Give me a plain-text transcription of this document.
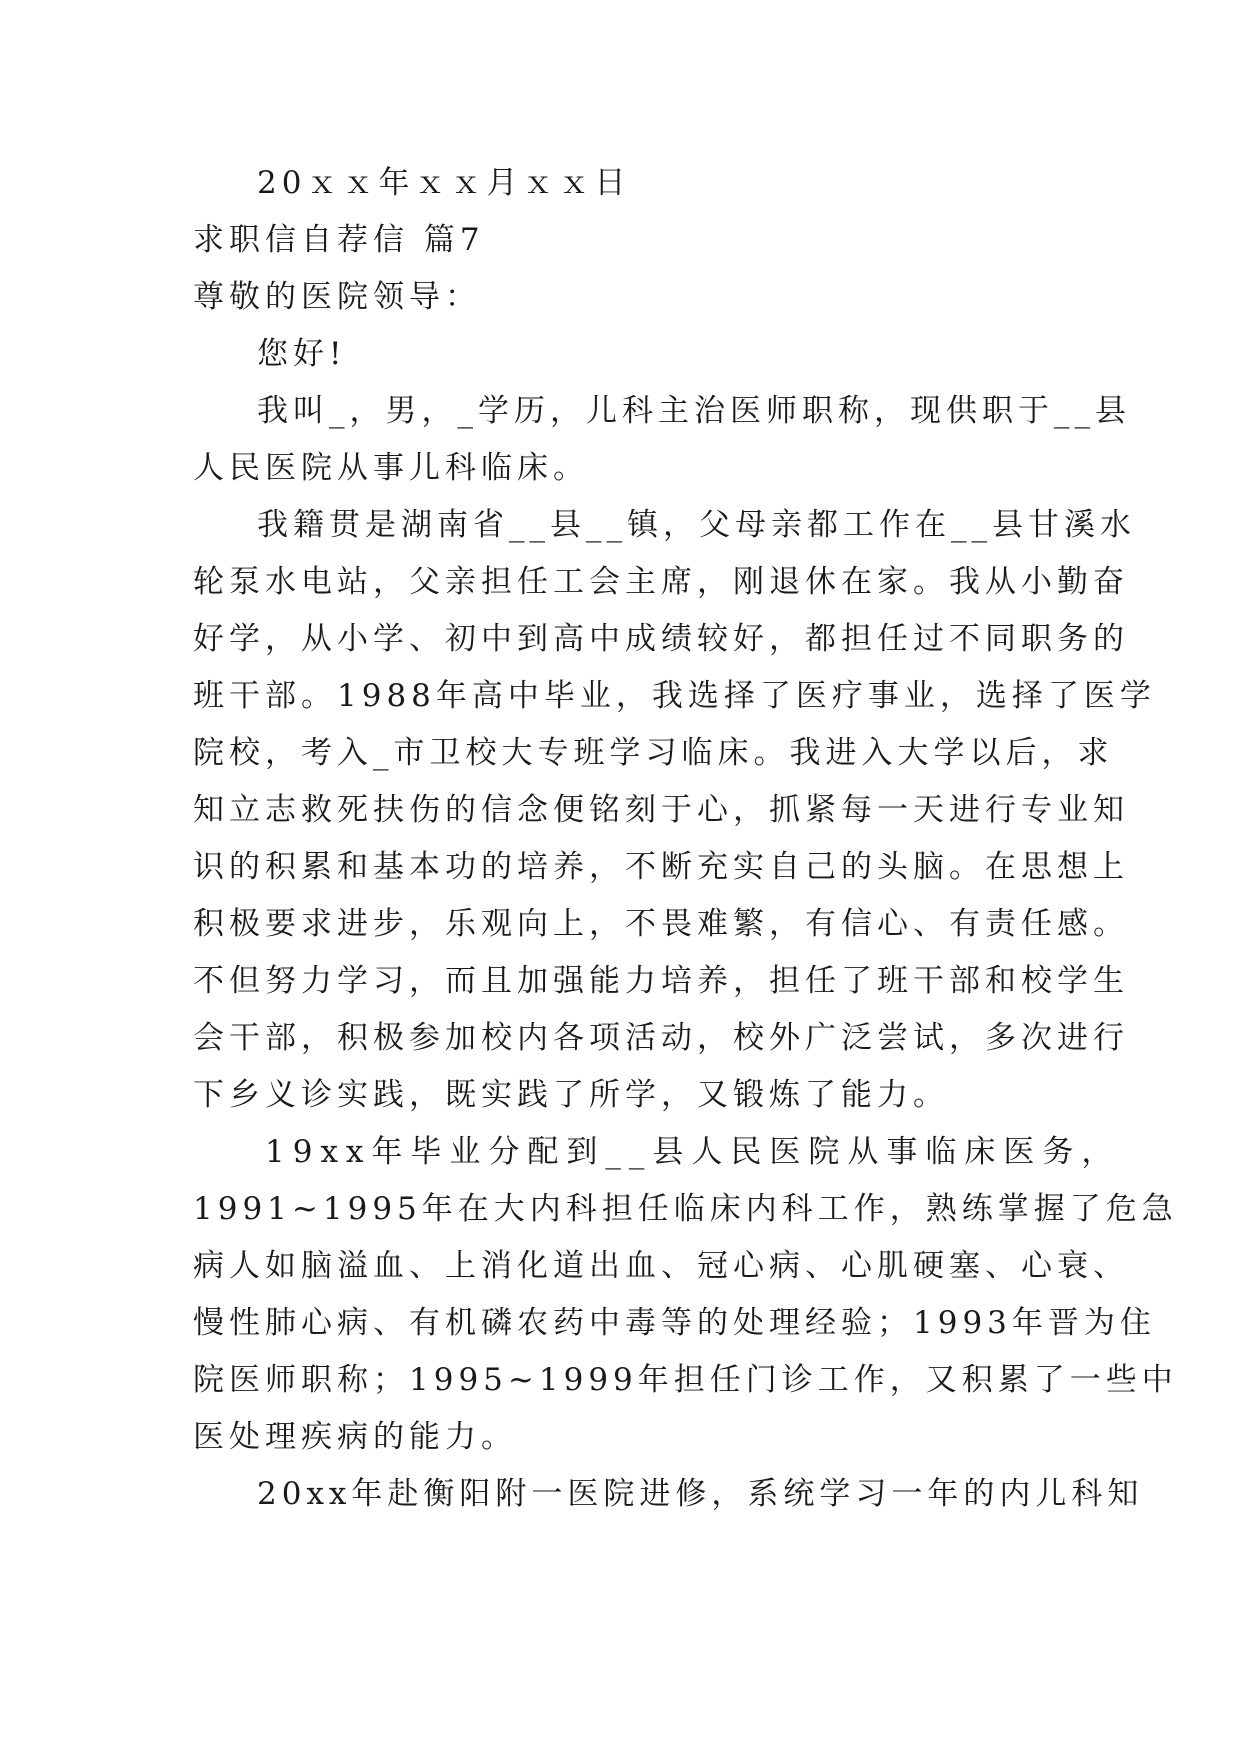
20ｘｘ年ｘｘ月ｘｘ日
求职信自荐信 篇7
尊敬的医院领导：
您好!
我叫_，男，_学历，儿科主治医师职称，现供职于__县
人民医院从事儿科临床。
我籍贯是湖南省__县__镇，父母亲都工作在__县甘溪水
轮泵水电站，父亲担任工会主席，刚退休在家。我从小勤奋
好学，从小学、初中到高中成绩较好，都担任过不同职务的
班干部。1988年高中毕业，我选择了医疗事业，选择了医学
院校，考入_市卫校大专班学习临床。我进入大学以后，求
知立志救死扶伤的信念便铭刻于心，抓紧每一天进行专业知
识的积累和基本功的培养，不断充实自己的头脑。在思想上
积极要求进步，乐观向上，不畏难繁，有信心、有责任感。
不但努力学习，而且加强能力培养，担任了班干部和校学生
会干部，积极参加校内各项活动，校外广泛尝试，多次进行
下乡义诊实践，既实践了所学，又锻炼了能力。
19xx年毕业分配到__县人民医院从事临床医务，
1991~1995年在大内科担任临床内科工作，熟练掌握了危急
病人如脑溢血、上消化道出血、冠心病、心肌硬塞、心衰、
慢性肺心病、有机磷农药中毒等的处理经验；1993年晋为住
院医师职称；1995~1999年担任门诊工作，又积累了一些中
医处理疾病的能力。
20xx年赴衡阳附一医院进修，系统学习一年的内儿科知
